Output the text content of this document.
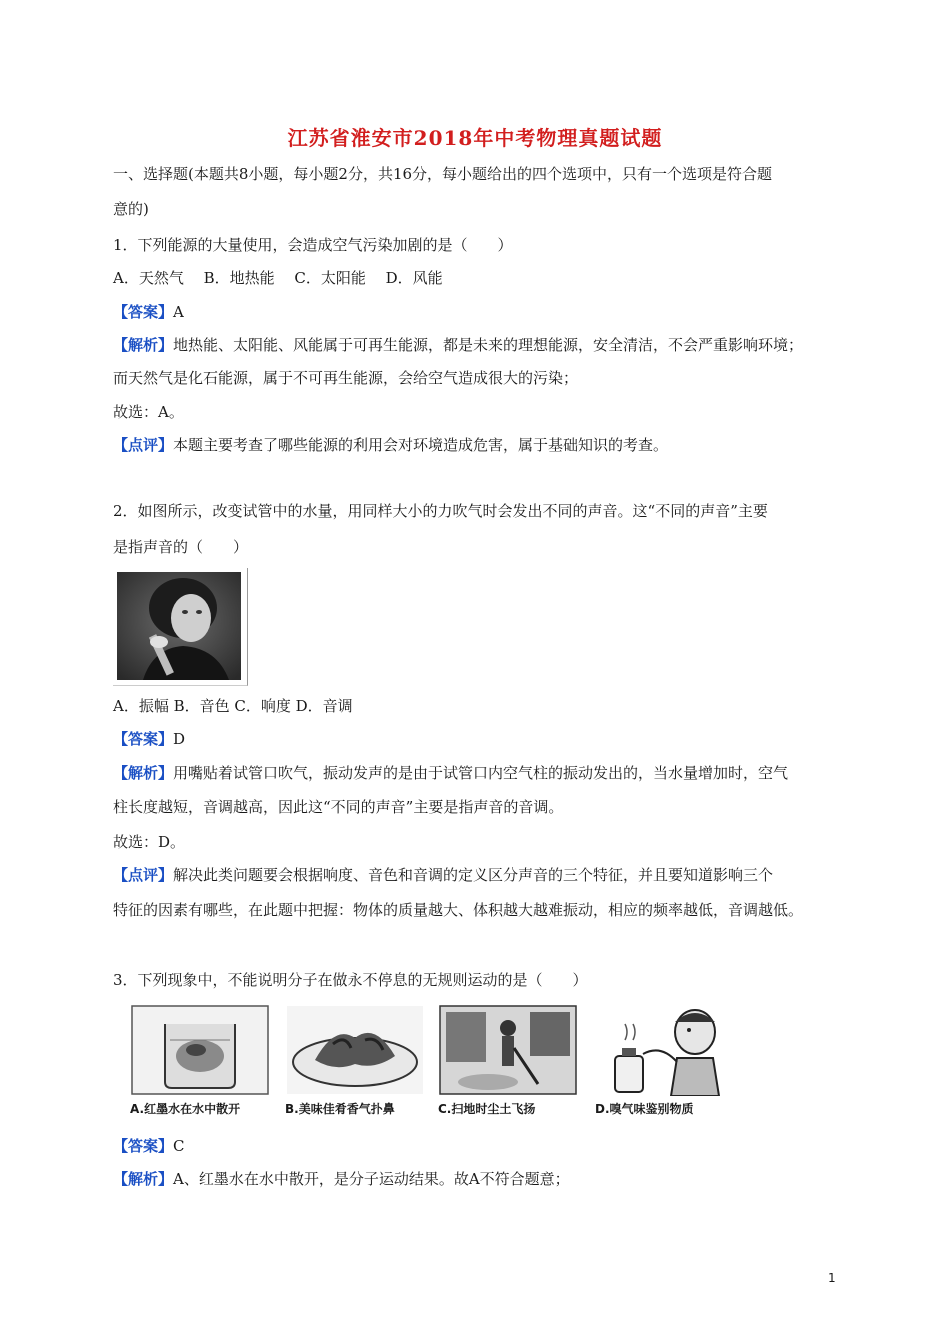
江苏省淮安市2018年中考物理真题试题
一、选择题(本题共8小题，每小题2分，共16分，每小题给出的四个选项中，只有一个选项是符合题
意的)
1．下列能源的大量使用，会造成空气污染加剧的是（　　）
A．天然气　 B．地热能　 C．太阳能　 D．风能
【答案】A
【解析】地热能、太阳能、风能属于可再生能源，都是未来的理想能源，安全清洁，不会严重影响环境；
而天然气是化石能源，属于不可再生能源，会给空气造成很大的污染；
故选：A。
【点评】本题主要考查了哪些能源的利用会对环境造成危害，属于基础知识的考查。
2．如图所示，改变试管中的水量，用同样大小的力吹气时会发出不同的声音。这“不同的声音”主要
是指声音的（　　）
A．振幅 B．音色 C．响度 D．音调
【答案】D
【解析】用嘴贴着试管口吹气，振动发声的是由于试管口内空气柱的振动发出的，当水量增加时，空气
柱长度越短，音调越高，因此这“不同的声音”主要是指声音的音调。
故选：D。
【点评】解决此类问题要会根据响度、音色和音调的定义区分声音的三个特征，并且要知道影响三个
特征的因素有哪些，在此题中把握：物体的质量越大、体积越大越难振动，相应的频率越低，音调越低。
3．下列现象中，不能说明分子在做永不停息的无规则运动的是（　　）
A.红墨水在水中散开	B.美味佳肴香气扑鼻	C.扫地时尘土飞扬	D.嗅气味鉴别物质
【答案】C
【解析】A、红墨水在水中散开，是分子运动结果。故A不符合题意；
1
